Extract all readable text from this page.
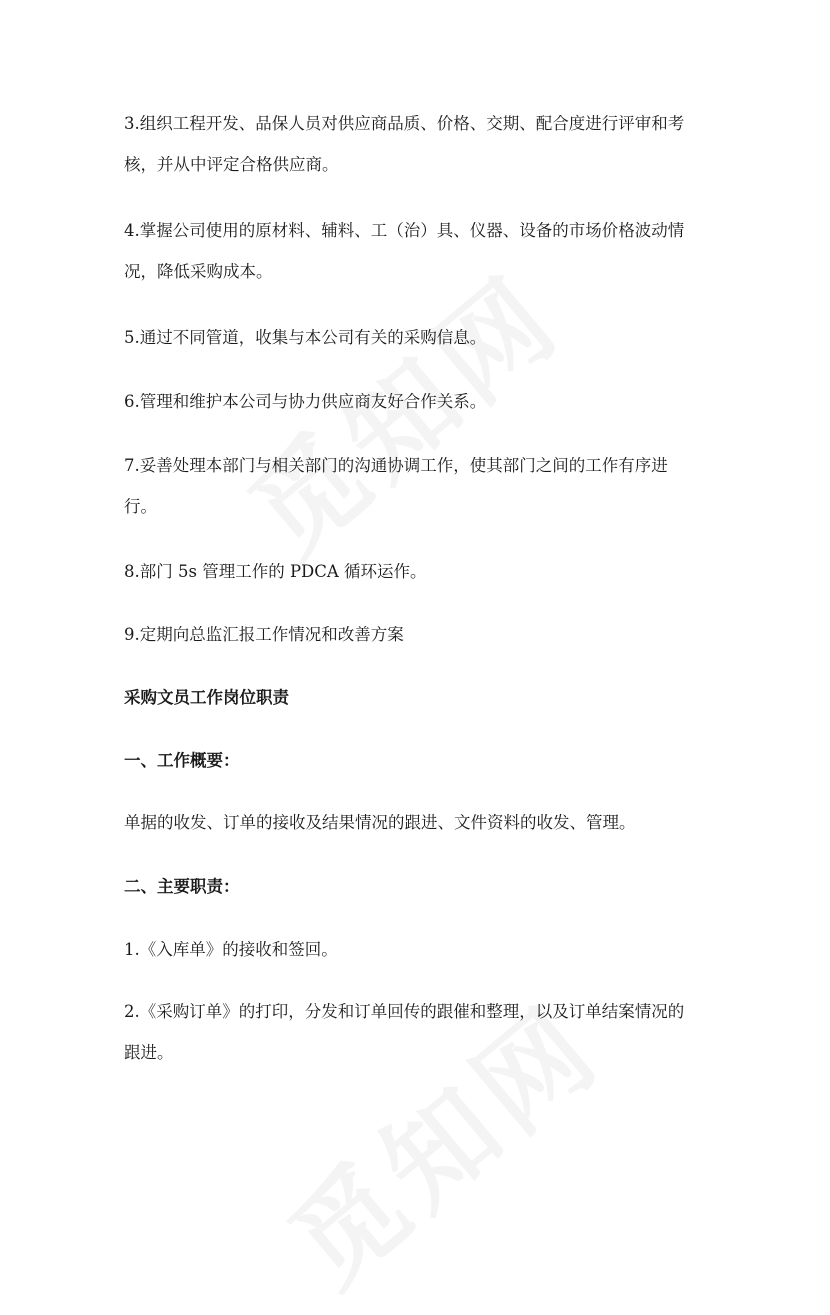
3.组织工程开发、品保人员对供应商品质、价格、交期、配合度进行评审和考
核，并从中评定合格供应商。
4.掌握公司使用的原材料、辅料、工（治）具、仪器、设备的市场价格波动情
况，降低采购成本。
5.通过不同管道，收集与本公司有关的采购信息。
6.管理和维护本公司与协力供应商友好合作关系。
7.妥善处理本部门与相关部门的沟通协调工作，使其部门之间的工作有序进
行。
8.部门 5s 管理工作的 PDCA 循环运作。
9.定期向总监汇报工作情况和改善方案
采购文员工作岗位职责
一、工作概要：
单据的收发、订单的接收及结果情况的跟进、文件资料的收发、管理。
二、主要职责：
1.《入库单》的接收和签回。
2.《采购订单》的打印，分发和订单回传的跟催和整理，以及订单结案情况的
跟进。
